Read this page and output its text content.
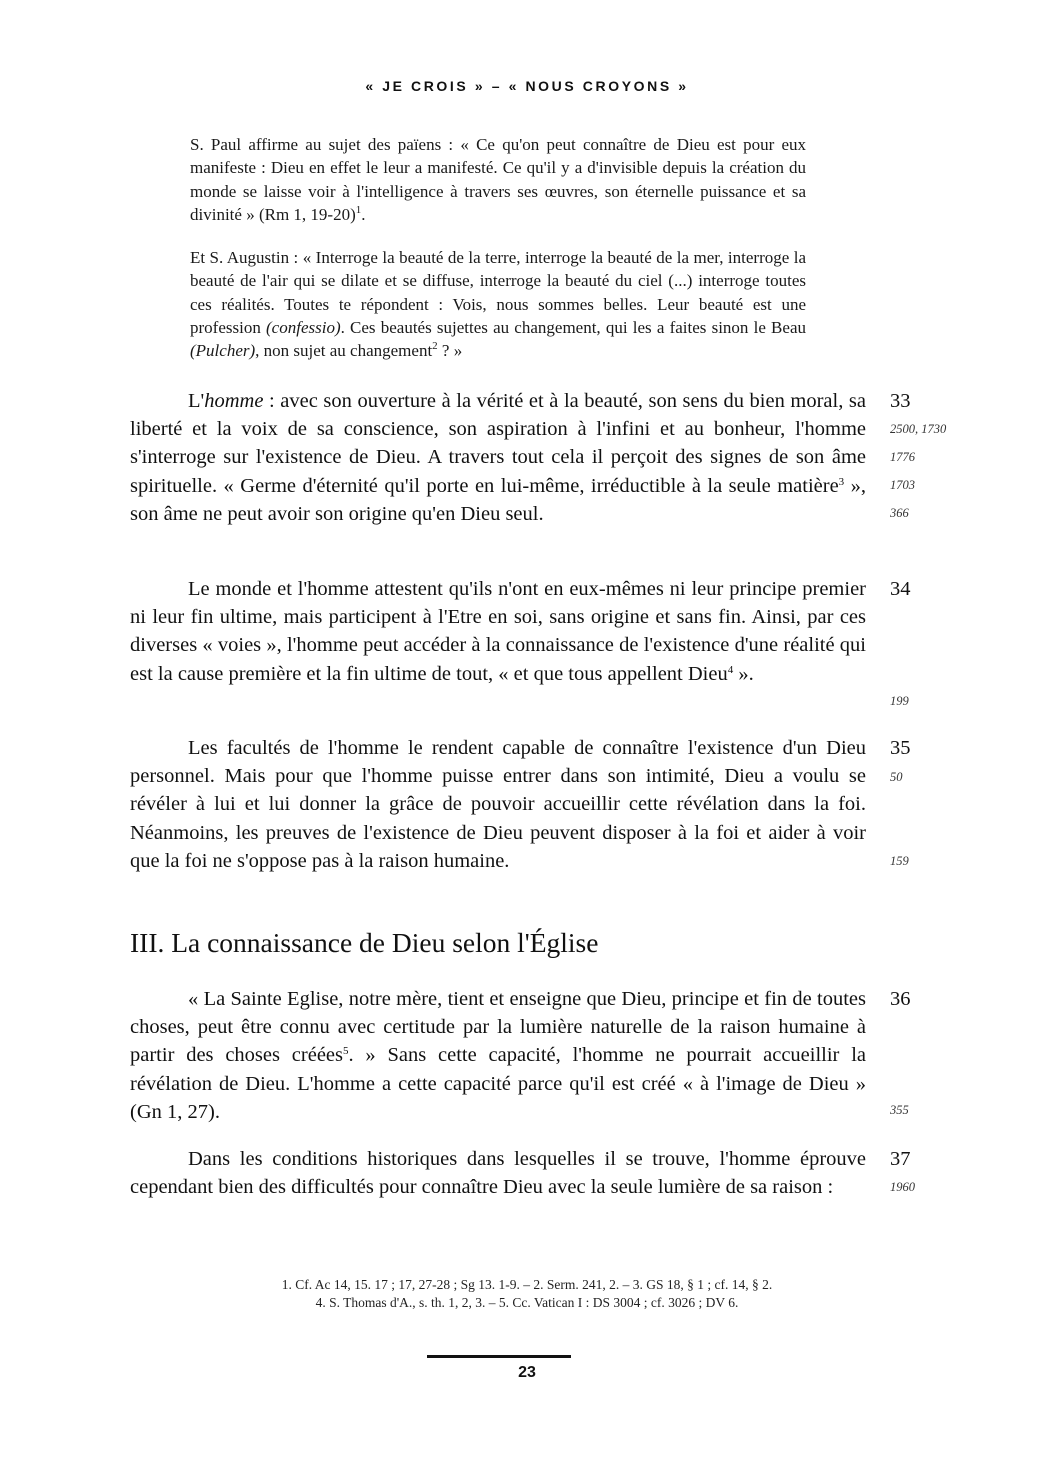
« JE CROIS » – « NOUS CROYONS »
S. Paul affirme au sujet des païens : « Ce qu'on peut connaître de Dieu est pour eux manifeste : Dieu en effet le leur a manifesté. Ce qu'il y a d'invisible depuis la création du monde se laisse voir à l'intelligence à travers ses œuvres, son éternelle puissance et sa divinité » (Rm 1, 19-20)$^1$.
Et S. Augustin : « Interroge la beauté de la terre, interroge la beauté de la mer, interroge la beauté de l'air qui se dilate et se diffuse, interroge la beauté du ciel (...) interroge toutes ces réalités. Toutes te répondent : Vois, nous sommes belles. Leur beauté est une profession (confessio). Ces beautés sujettes au changement, qui les a faites sinon le Beau (Pulcher), non sujet au changement$^2$ ? »
L'homme : avec son ouverture à la vérité et à la beauté, son sens du bien moral, sa liberté et la voix de sa conscience, son aspiration à l'infini et au bonheur, l'homme s'interroge sur l'existence de Dieu. A travers tout cela il perçoit des signes de son âme spirituelle. « Germe d'éternité qu'il porte en lui-même, irréductible à la seule matière$^3$ », son âme ne peut avoir son origine qu'en Dieu seul.
33
2500, 1730
1776
1703
366
Le monde et l'homme attestent qu'ils n'ont en eux-mêmes ni leur principe premier ni leur fin ultime, mais participent à l'Etre en soi, sans origine et sans fin. Ainsi, par ces diverses « voies », l'homme peut accéder à la connaissance de l'existence d'une réalité qui est la cause première et la fin ultime de tout, « et que tous appellent Dieu$^4$ ».
34
199
Les facultés de l'homme le rendent capable de connaître l'existence d'un Dieu personnel. Mais pour que l'homme puisse entrer dans son intimité, Dieu a voulu se révéler à lui et lui donner la grâce de pouvoir accueillir cette révélation dans la foi. Néanmoins, les preuves de l'existence de Dieu peuvent disposer à la foi et aider à voir que la foi ne s'oppose pas à la raison humaine.
35
50
159
III. La connaissance de Dieu selon l'Église
« La Sainte Eglise, notre mère, tient et enseigne que Dieu, principe et fin de toutes choses, peut être connu avec certitude par la lumière naturelle de la raison humaine à partir des choses créées$^5$. » Sans cette capacité, l'homme ne pourrait accueillir la révélation de Dieu. L'homme a cette capacité parce qu'il est créé « à l'image de Dieu » (Gn 1, 27).
36
355
Dans les conditions historiques dans lesquelles il se trouve, l'homme éprouve cependant bien des difficultés pour connaître Dieu avec la seule lumière de sa raison :
37
1960
1. Cf. Ac 14, 15. 17 ; 17, 27-28 ; Sg 13. 1-9. – 2. Serm. 241, 2. – 3. GS 18, § 1 ; cf. 14, § 2.
4. S. Thomas d'A., s. th. 1, 2, 3. – 5. Cc. Vatican I : DS 3004 ; cf. 3026 ; DV 6.
23
